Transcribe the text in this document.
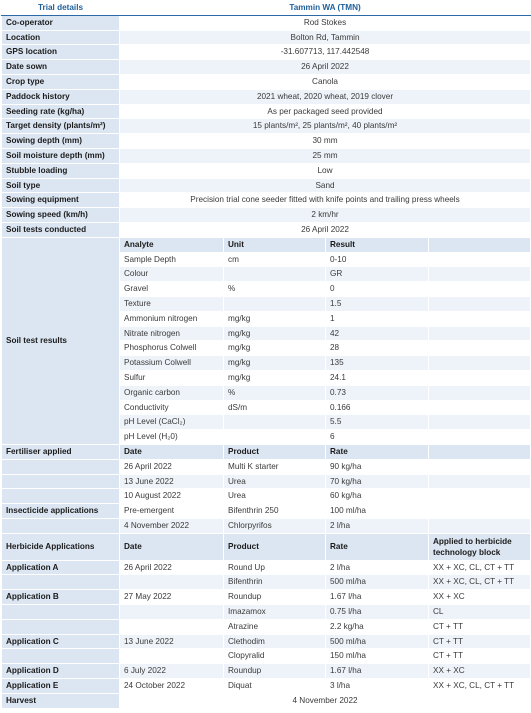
Trial details	Tammin WA (TMN)			
Co-operator	Rod Stokes			
Location	Bolton Rd, Tammin			
GPS location	-31.607713, 117.442548			
Date sown	26 April 2022			
Crop type	Canola			
Paddock history	2021 wheat, 2020 wheat, 2019 clover			
Seeding rate (kg/ha)	As per packaged seed provided			
Target density (plants/m²)	15 plants/m², 25 plants/m², 40 plants/m²			
Sowing depth (mm)	30 mm			
Soil moisture depth (mm)	25 mm			
Stubble loading	Low			
Soil type	Sand			
Sowing equipment	Precision trial cone seeder fitted with knife points and trailing press wheels			
Sowing speed (km/h)	2 km/hr			
Soil tests conducted	26 April 2022			
Soil test results	Analyte	Unit	Result	
	Sample Depth	cm	0-10	
	Colour		GR	
	Gravel	%	0	
	Texture		1.5	
	Ammonium nitrogen	mg/kg	1	
	Nitrate nitrogen	mg/kg	42	
	Phosphorus Colwell	mg/kg	28	
	Potassium Colwell	mg/kg	135	
	Sulfur	mg/kg	24.1	
	Organic carbon	%	0.73	
	Conductivity	dS/m	0.166	
	pH Level (CaCl₂)		5.5	
	pH Level (H₂0)		6	
Fertiliser applied	Date	Product	Rate	
	26 April 2022	Multi K starter	90 kg/ha	
	13 June 2022	Urea	70 kg/ha	
	10 August 2022	Urea	60 kg/ha	
Insecticide applications	Pre-emergent	Bifenthrin 250	100 ml/ha	
	4 November 2022	Chlorpyrifos	2 l/ha	
Herbicide Applications	Date	Product	Rate	Applied to herbicide technology block
Application A	26 April 2022	Round Up	2 l/ha	XX + XC, CL, CT + TT
		Bifenthrin	500 ml/ha	XX + XC, CL, CT + TT
Application B	27 May 2022	Roundup	1.67 l/ha	XX + XC
		Imazamox	0.75 l/ha	CL
		Atrazine	2.2 kg/ha	CT + TT
Application C	13 June 2022	Clethodim	500 ml/ha	CT + TT
		Clopyralid	150 ml/ha	CT + TT
Application D	6 July 2022	Roundup	1.67 l/ha	XX + XC
Application E	24 October 2022	Diquat	3 l/ha	XX + XC, CL, CT + TT
Harvest	4 November 2022			
